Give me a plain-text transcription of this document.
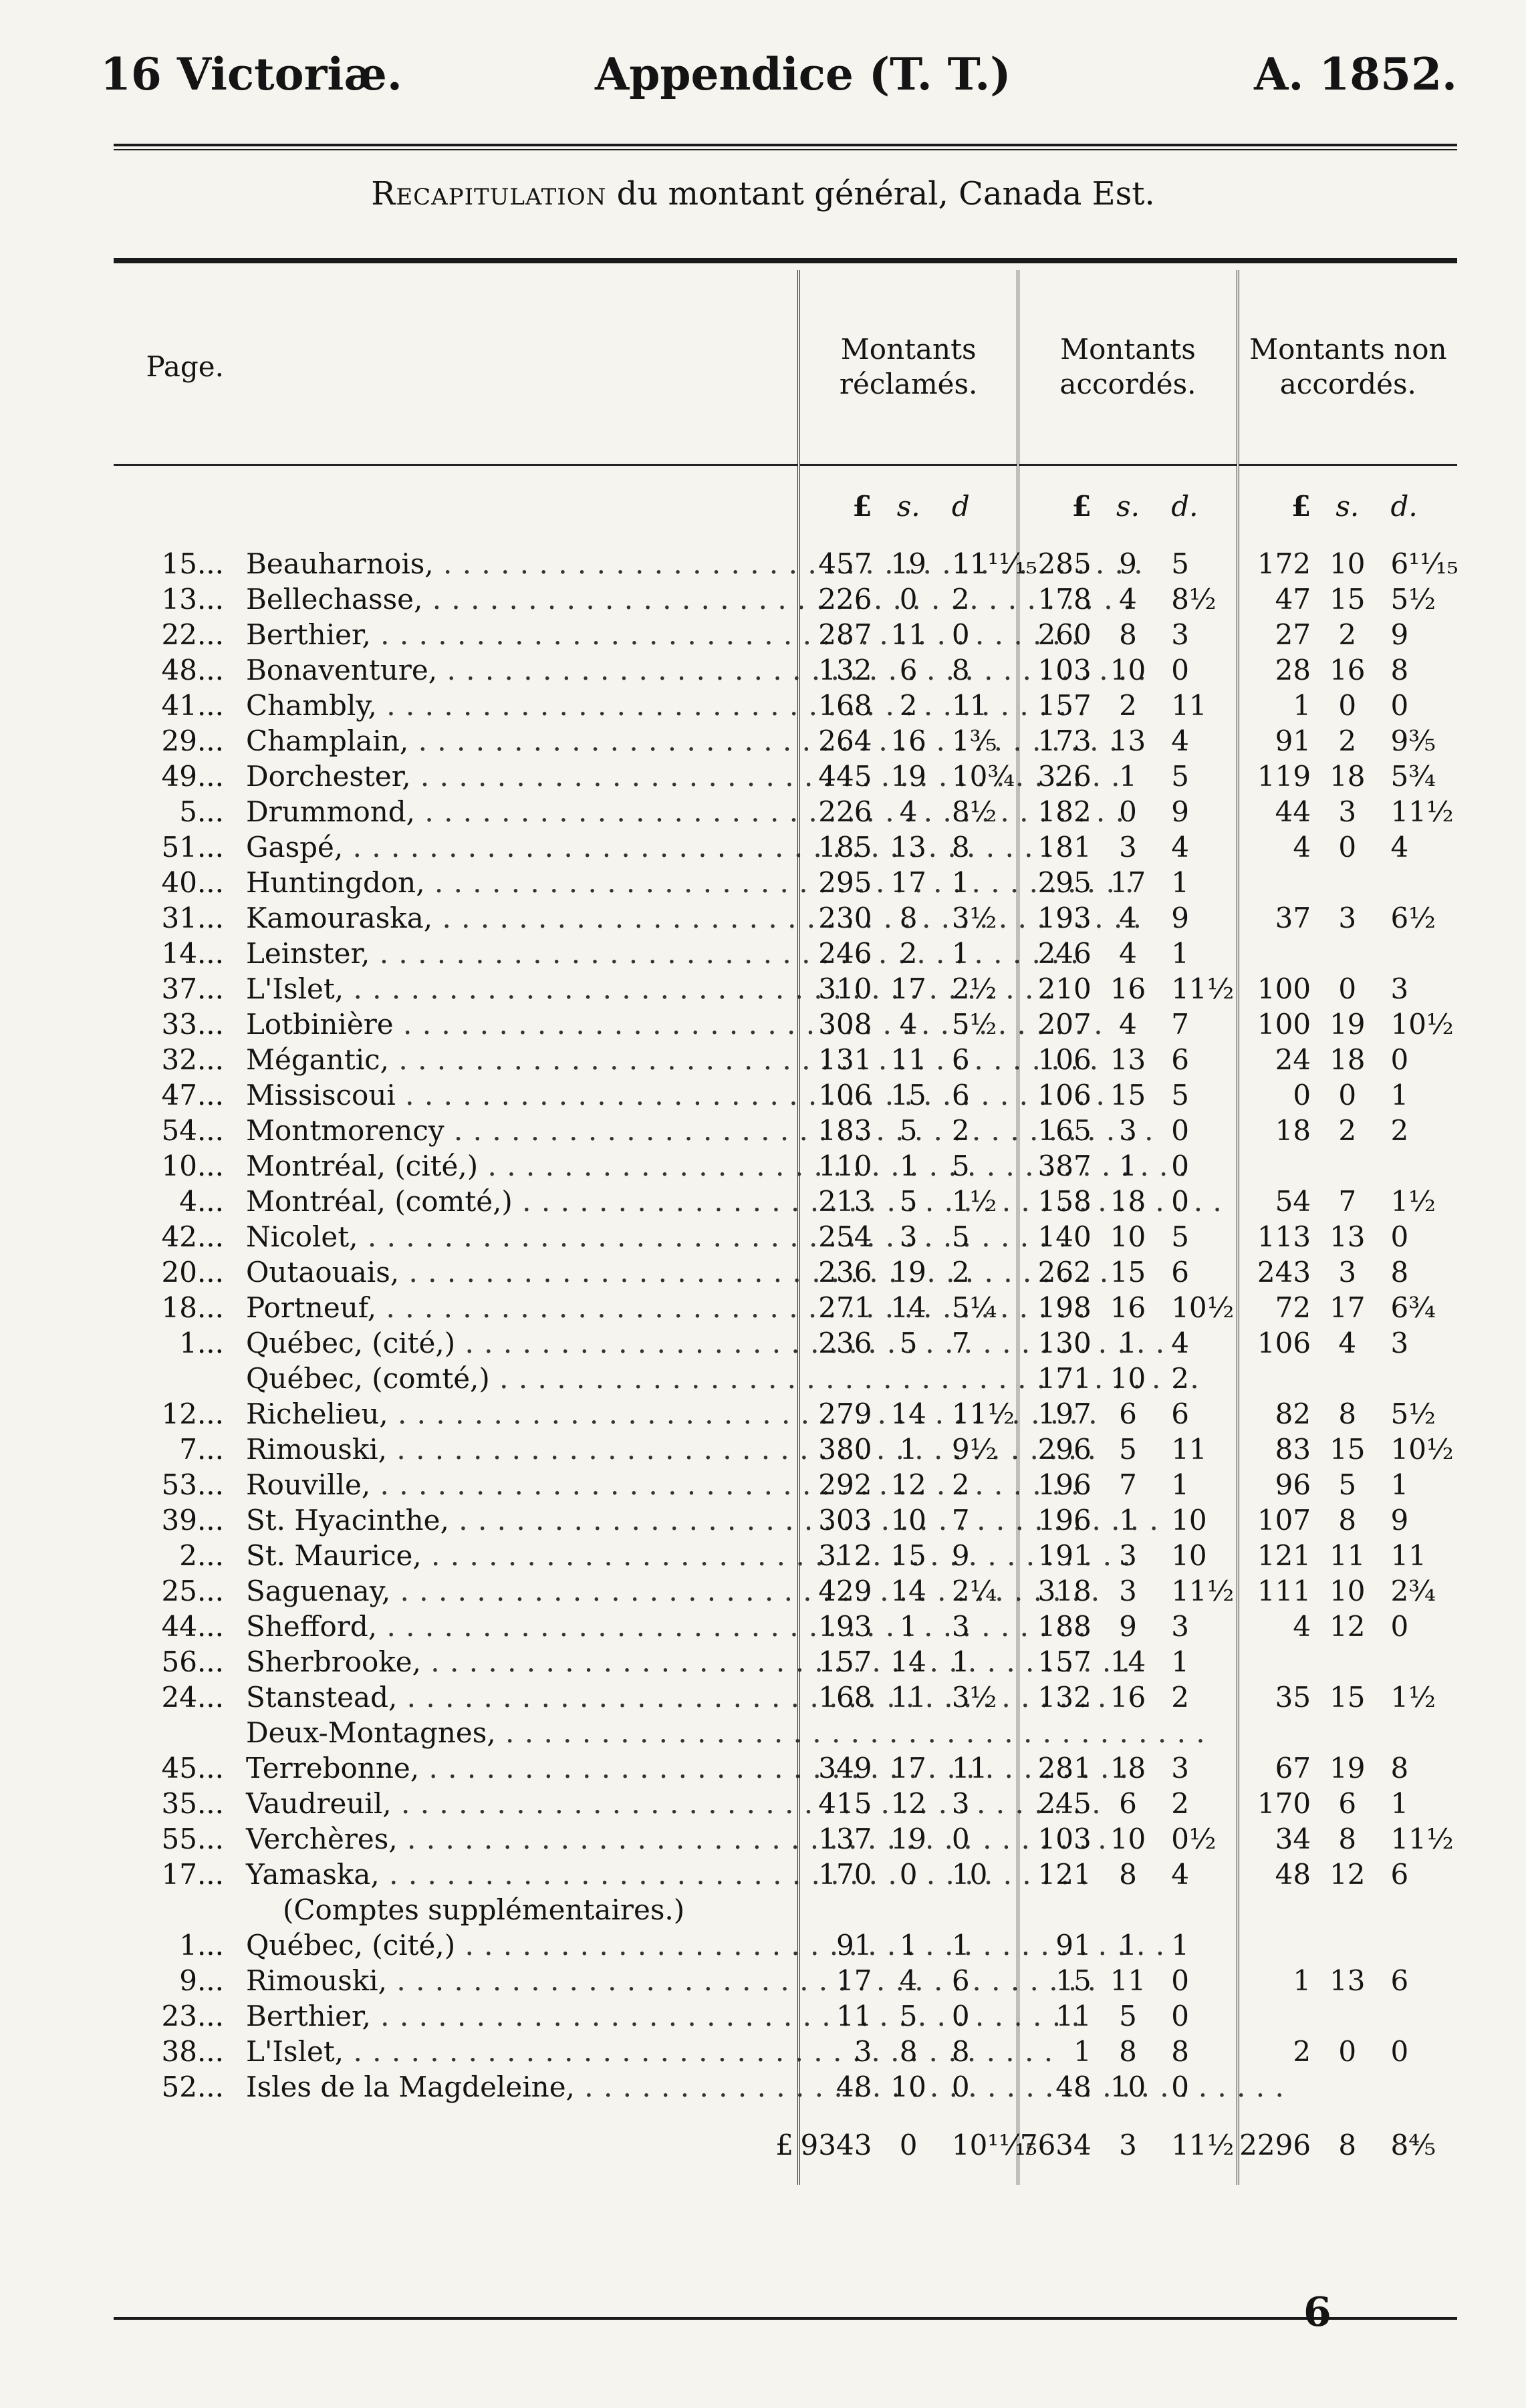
16 Victoriæ.	Appendice (T. T.)	A. 1852.
Recapitulation du montant général, Canada Est.
Page.		Montants réclamés.			Montants accordés.			Montants non accordés.		
		£	s.	d	£	s.	d.	£	s.	d.
15...	Beauharnois, . . .	457	19	11¹¹⁄₁₅	285	9	5	172	10	6¹¹⁄₁₅
13...	Bellechasse, . . .	226	0	2	178	4	8½	47	15	5½
22...	Berthier, . . .	287	11	0	260	8	3	27	2	9
48...	Bonaventure, . . .	132	6	8	103	10	0	28	16	8
41...	Chambly, . . .	168	2	11	157	2	11	1	0	0
29...	Champlain, . . .	264	16	1⅗	173	13	4	91	2	9⅗
49...	Dorchester, . . .	445	19	10¾	326	1	5	119	18	5¾
5...	Drummond, . . .	226	4	8½	182	0	9	44	3	11½
51...	Gaspé, . . .	185	13	8	181	3	4	4	0	4
40...	Huntingdon, . . .	295	17	1	295	17	1			
31...	Kamouraska, . . .	230	8	3½	193	4	9	37	3	6½
14...	Leinster, . . .	246	2	1	246	4	1			
37...	L'Islet, . . .	310	17	2½	210	16	11½	100	0	3
33...	Lotbinière . . .	308	4	5½	207	4	7	100	19	10½
32...	Mégantic, . . .	131	11	6	106	13	6	24	18	0
47...	Missiscoui . . .	106	15	6	106	15	5	0	0	1
54...	Montmorency . . .	183	5	2	165	3	0	18	2	2
10...	Montréal, (cité,) . . .	110	1	5	387	1	0			
4...	Montréal, (comté,) . . .	213	5	1½	158	18	0	54	7	1½
42...	Nicolet, . . .	254	3	5	140	10	5	113	13	0
20...	Outaouais, . . .	236	19	2	262	15	6	243	3	8
18...	Portneuf, . . .	271	14	5¼	198	16	10½	72	17	6¾
1...	Québec, (cité,) . . .	236	5	7	130	1	4	106	4	3
	Québec, (comté,) . . .				171	10	2			
12...	Richelieu, . . .	279	14	11½	197	6	6	82	8	5½
7...	Rimouski, . . .	380	1	9½	296	5	11	83	15	10½
53...	Rouville, . . .	292	12	2	196	7	1	96	5	1
39...	St. Hyacinthe, . . .	303	10	7	196	1	10	107	8	9
2...	St. Maurice, . . .	312	15	9	191	3	10	121	11	11
25...	Saguenay, . . .	429	14	2¼	318	3	11½	111	10	2¾
44...	Shefford, . . .	193	1	3	188	9	3	4	12	0
56...	Sherbrooke, . . .	157	14	1	157	14	1			
24...	Stanstead, . . .	168	11	3½	132	16	2	35	15	1½
	Deux-Montagnes, . . .									
45...	Terrebonne, . . .	349	17	11	281	18	3	67	19	8
35...	Vaudreuil, . . .	415	12	3	245	6	2	170	6	1
55...	Verchères, . . .	137	19	0	103	10	0½	34	8	11½
17...	Yamaska, . . .	170	0	10	121	8	4	48	12	6
	(Comptes supplémentaires.)									
1...	Québec, (cité,) . . .	91	1	1	91	1	1			
9...	Rimouski, . . .	17	4	6	15	11	0	1	13	6
23...	Berthier, . . .	11	5	0	11	5	0			
38...	L'Islet, . . .	3	8	8	1	8	8	2	0	0
52...	Isles de la Magdeleine, . . .	48	10	0	48	10	0			
	£	9343	0	10¹¹⁄₁₅	7634	3	11½	2296	8	8⅘
6
